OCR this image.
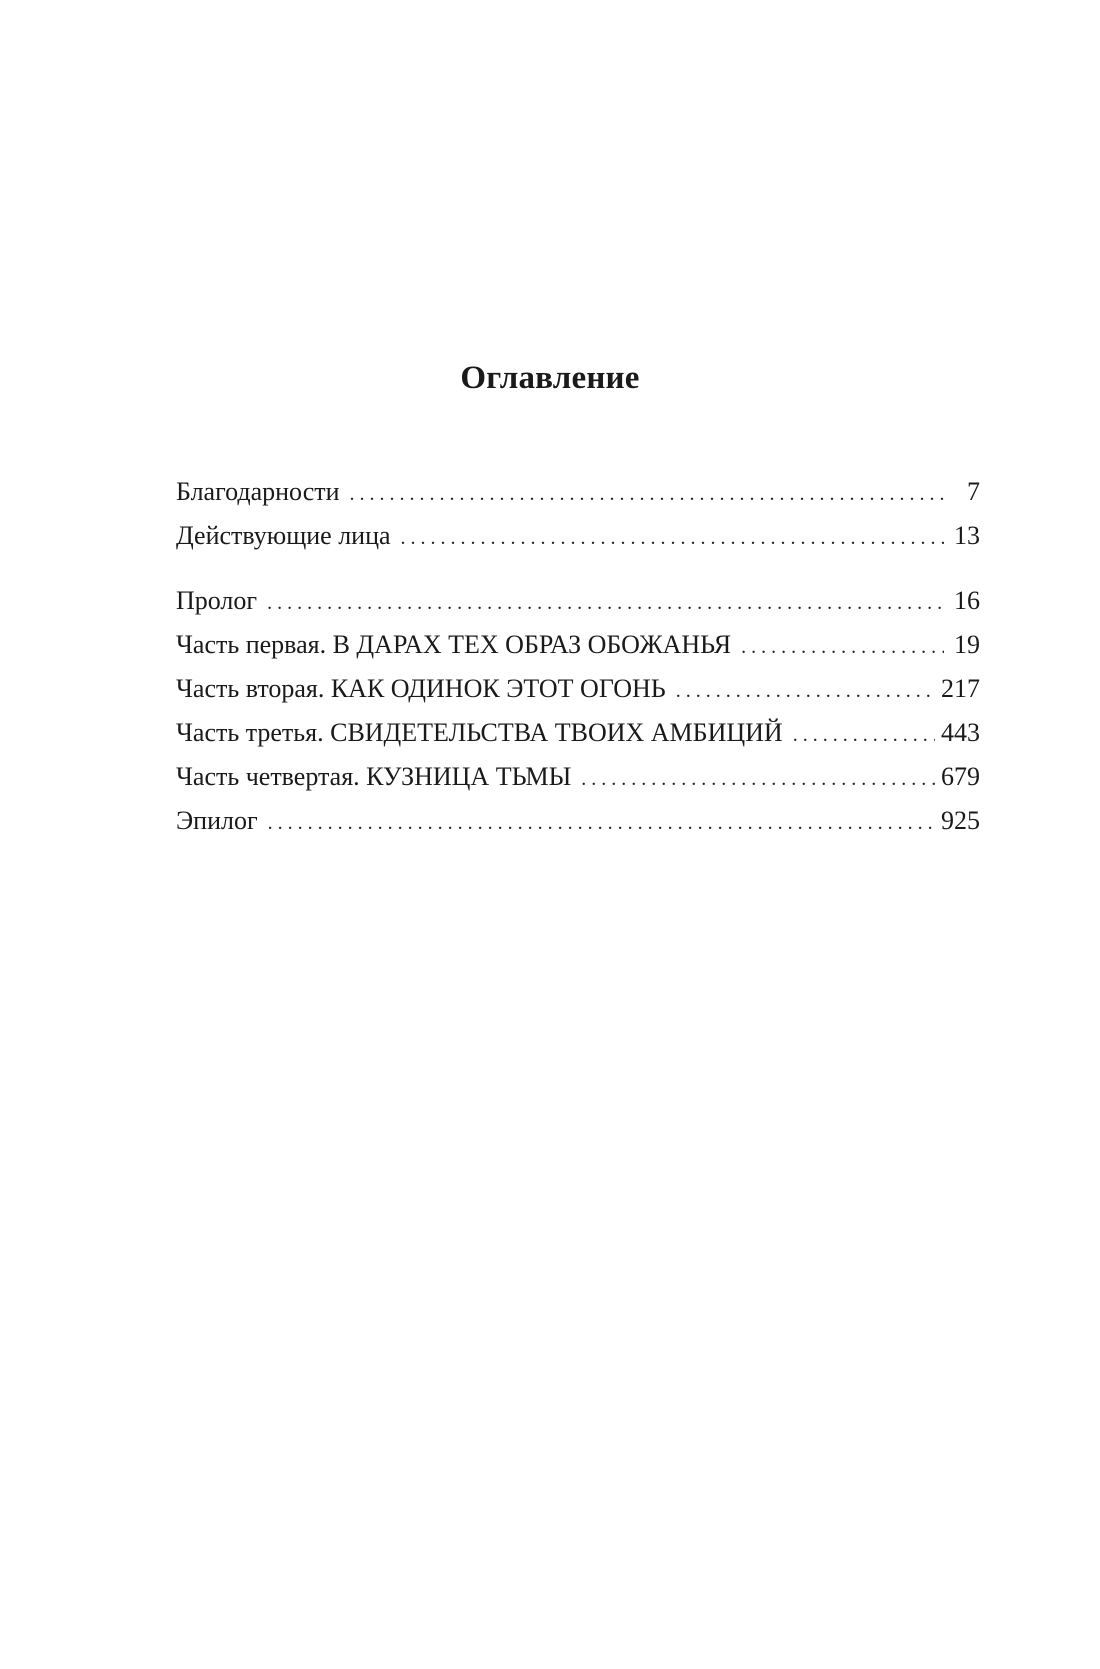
Оглавление
Благодарности . . .	7
Действующие лица . . .	13
Пролог . . .	16
Часть первая. В ДАРАХ ТЕХ ОБРАЗ ОБОЖАНЬЯ . . .	19
Часть вторая. КАК ОДИНОК ЭТОТ ОГОНЬ . . .	217
Часть третья. СВИДЕТЕЛЬСТВА ТВОИХ АМБИЦИЙ . . .	443
Часть четвертая. КУЗНИЦА ТЬМЫ . . .	679
Эпилог . . .	925
